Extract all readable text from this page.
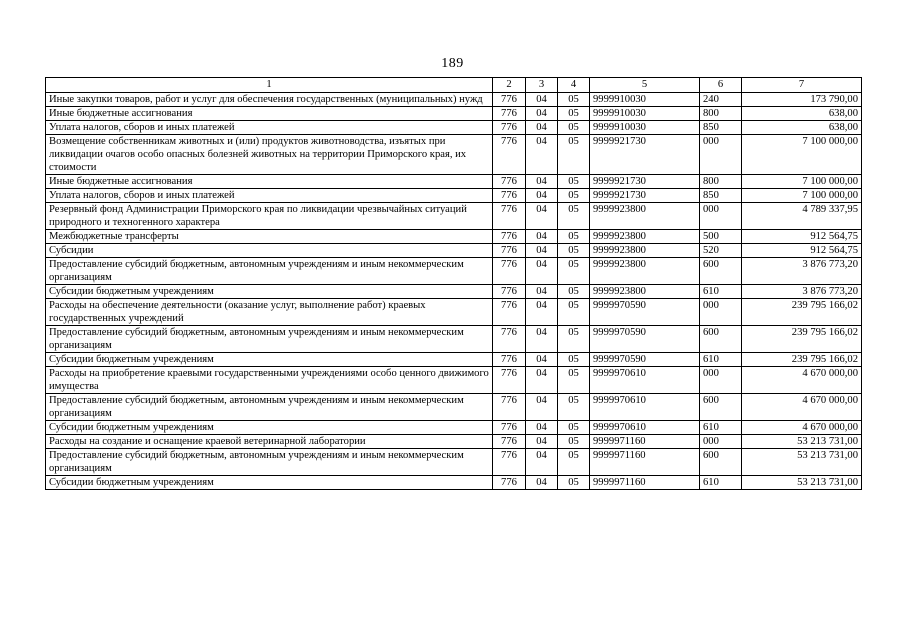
189
1	2	3	4	5	6	7
Иные закупки товаров, работ и услуг для обеспечения государственных (муниципальных) нужд	776	04	05	9999910030	240	173 790,00
Иные бюджетные ассигнования	776	04	05	9999910030	800	638,00
Уплата налогов, сборов и иных платежей	776	04	05	9999910030	850	638,00
Возмещение собственникам животных и (или) продуктов животноводства, изъятых при ликвидации очагов особо опасных болезней животных на территории Приморского края, их стоимости	776	04	05	9999921730	000	7 100 000,00
Иные бюджетные ассигнования	776	04	05	9999921730	800	7 100 000,00
Уплата налогов, сборов и иных платежей	776	04	05	9999921730	850	7 100 000,00
Резервный фонд Администрации Приморского края по ликвидации чрезвычайных ситуаций природного и техногенного характера	776	04	05	9999923800	000	4 789 337,95
Межбюджетные трансферты	776	04	05	9999923800	500	912 564,75
Субсидии	776	04	05	9999923800	520	912 564,75
Предоставление субсидий бюджетным, автономным учреждениям и иным некоммерческим организациям	776	04	05	9999923800	600	3 876 773,20
Субсидии бюджетным учреждениям	776	04	05	9999923800	610	3 876 773,20
Расходы на обеспечение деятельности (оказание услуг, выполнение работ) краевых государственных учреждений	776	04	05	9999970590	000	239 795 166,02
Предоставление субсидий бюджетным, автономным учреждениям и иным некоммерческим организациям	776	04	05	9999970590	600	239 795 166,02
Субсидии бюджетным учреждениям	776	04	05	9999970590	610	239 795 166,02
Расходы на приобретение краевыми государственными учреждениями особо ценного движимого имущества	776	04	05	9999970610	000	4 670 000,00
Предоставление субсидий бюджетным, автономным учреждениям и иным некоммерческим организациям	776	04	05	9999970610	600	4 670 000,00
Субсидии бюджетным учреждениям	776	04	05	9999970610	610	4 670 000,00
Расходы на создание и оснащение краевой ветеринарной лаборатории	776	04	05	9999971160	000	53 213 731,00
Предоставление субсидий бюджетным, автономным учреждениям и иным некоммерческим организациям	776	04	05	9999971160	600	53 213 731,00
Субсидии бюджетным учреждениям	776	04	05	9999971160	610	53 213 731,00
